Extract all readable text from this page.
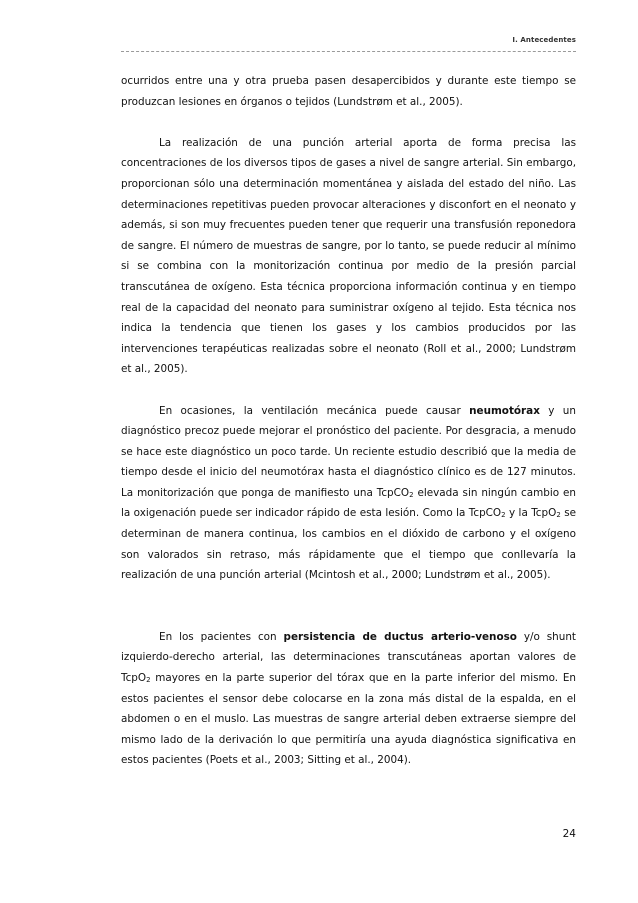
I. Antecedentes

ocurridos entre una y otra prueba pasen desapercibidos y durante este tiempo se produzcan lesiones en órganos o tejidos (Lundstrøm et al., 2005).

La realización de una punción arterial aporta de forma precisa las concentraciones de los diversos tipos de gases a nivel de sangre arterial. Sin embargo, proporcionan sólo una determinación momentánea y aislada del estado del niño. Las determinaciones repetitivas pueden provocar alteraciones y disconfort en el neonato y además, si son muy frecuentes pueden tener que requerir una transfusión reponedora de sangre. El número de muestras de sangre, por lo tanto, se puede reducir al mínimo si se combina con la monitorización continua por medio de la presión parcial transcutánea de oxígeno. Esta técnica proporciona información continua y en tiempo real de la capacidad del neonato para suministrar oxígeno al tejido. Esta técnica nos indica la tendencia que tienen los gases y los cambios producidos por las intervenciones terapéuticas realizadas sobre el neonato (Roll et al., 2000; Lundstrøm et al., 2005).

En ocasiones, la ventilación mecánica puede causar neumotórax y un diagnóstico precoz puede mejorar el pronóstico del paciente. Por desgracia, a menudo se hace este diagnóstico un poco tarde. Un reciente estudio describió que la media de tiempo desde el inicio del neumotórax hasta el diagnóstico clínico es de 127 minutos. La monitorización que ponga de manifiesto una TcpCO$_2$ elevada sin ningún cambio en la oxigenación puede ser indicador rápido de esta lesión. Como la TcpCO$_2$ y la TcpO$_2$ se determinan de manera continua, los cambios en el dióxido de carbono y el oxígeno son valorados sin retraso, más rápidamente que el tiempo que conllevaría la realización de una punción arterial (Mcintosh et al., 2000; Lundstrøm et al., 2005).

En los pacientes con persistencia de ductus arterio-venoso y/o shunt izquierdo-derecho arterial, las determinaciones transcutáneas aportan valores de TcpO$_2$ mayores en la parte superior del tórax que en la parte inferior del mismo. En estos pacientes el sensor debe colocarse en la zona más distal de la espalda, en el abdomen o en el muslo. Las muestras de sangre arterial deben extraerse siempre del mismo lado de la derivación lo que permitiría una ayuda diagnóstica significativa en estos pacientes (Poets et al., 2003; Sitting et al., 2004).

24
